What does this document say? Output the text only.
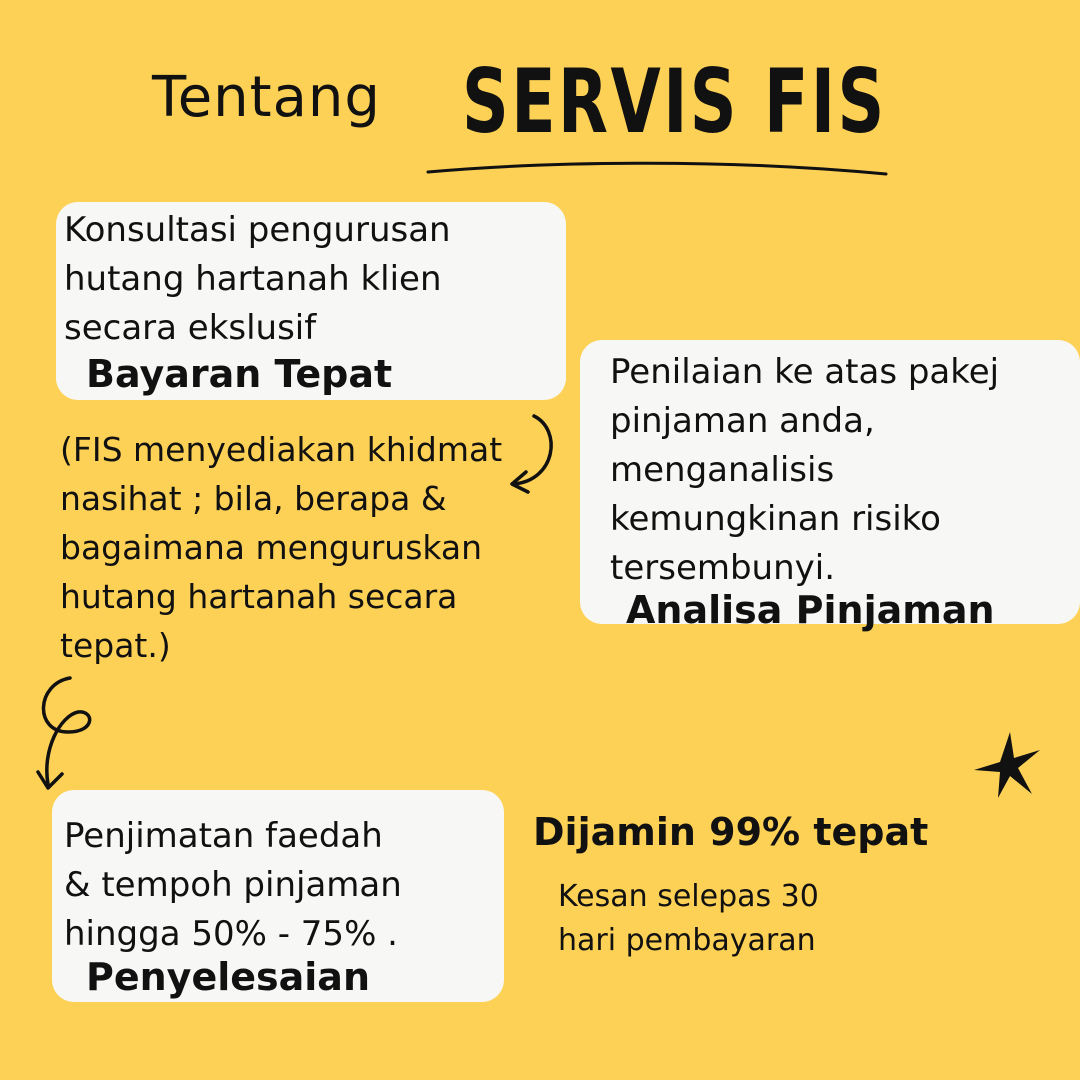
Tentang SERVIS FIS

Konsultasi pengurusan
hutang hartanah klien
secara ekslusif

Bayaran Tepat

(FIS menyediakan khidmat
nasihat ; bila, berapa &
bagaimana menguruskan
hutang hartanah secara
tepat.)

Penilaian ke atas pakej
pinjaman anda,
menganalisis
kemungkinan risiko
tersembunyi.

Analisa Pinjaman

Penjimatan faedah
& tempoh pinjaman
hingga 50% - 75% .

Penyelesaian
Dijamin 99% tepat

Kesan selepas 30
hari pembayaran
